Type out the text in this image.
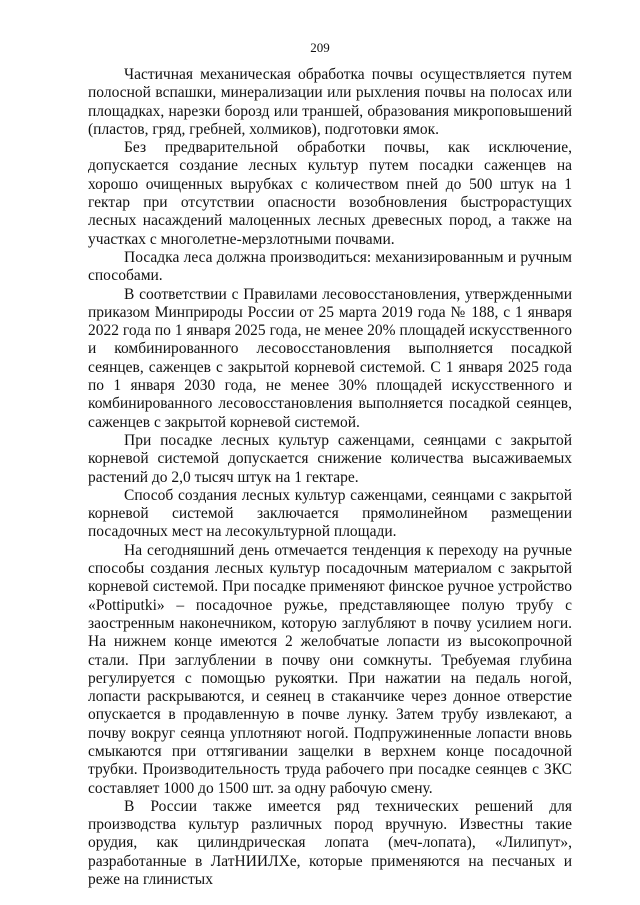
209

Частичная механическая обработка почвы осуществляется путем полосной вспашки, минерализации или рыхления почвы на полосах или площадках, нарезки борозд или траншей, образования микроповышений (пластов, гряд, гребней, холмиков), подготовки ямок.

Без предварительной обработки почвы, как исключение, допускается создание лесных культур путем посадки саженцев на хорошо очищенных вырубках с количеством пней до 500 штук на 1 гектар при отсутствии опасности возобновления быстрорастущих лесных насаждений малоценных лесных древесных пород, а также на участках с многолетне-мерзлотными почвами.

Посадка леса должна производиться: механизированным и ручным способами.

В соответствии с Правилами лесовосстановления, утвержденными приказом Минприроды России от 25 марта 2019 года № 188, с 1 января 2022 года по 1 января 2025 года, не менее 20% площадей искусственного и комбинированного лесовосстановления выполняется посадкой сеянцев, саженцев с закрытой корневой системой. С 1 января 2025 года по 1 января 2030 года, не менее 30% площадей искусственного и комбинированного лесовосстановления выполняется посадкой сеянцев, саженцев с закрытой корневой системой.

При посадке лесных культур саженцами, сеянцами с закрытой корневой системой допускается снижение количества высаживаемых растений до 2,0 тысяч штук на 1 гектаре.

Способ создания лесных культур саженцами, сеянцами с закрытой корневой системой заключается прямолинейном размещении посадочных мест на лесокультурной площади.

На сегодняшний день отмечается тенденция к переходу на ручные способы создания лесных культур посадочным материалом с закрытой корневой системой. При посадке применяют финское ручное устройство «Pottiputki» – посадочное ружье, представляющее полую трубу с заостренным наконечником, которую заглубляют в почву усилием ноги. На нижнем конце имеются 2 желобчатые лопасти из высокопрочной стали. При заглублении в почву они сомкнуты. Требуемая глубина регулируется с помощью рукоятки. При нажатии на педаль ногой, лопасти раскрываются, и сеянец в стаканчике через донное отверстие опускается в продавленную в почве лунку. Затем трубу извлекают, а почву вокруг сеянца уплотняют ногой. Подпружиненные лопасти вновь смыкаются при оттягивании защелки в верхнем конце посадочной трубки. Производительность труда рабочего при посадке сеянцев с ЗКС составляет 1000 до 1500 шт. за одну рабочую смену.

В России также имеется ряд технических решений для производства культур различных пород вручную. Известны такие орудия, как цилиндрическая лопата (меч-лопата), «Лилипут», разработанные в ЛатНИИЛХе, которые применяются на песчаных и реже на глинистых
